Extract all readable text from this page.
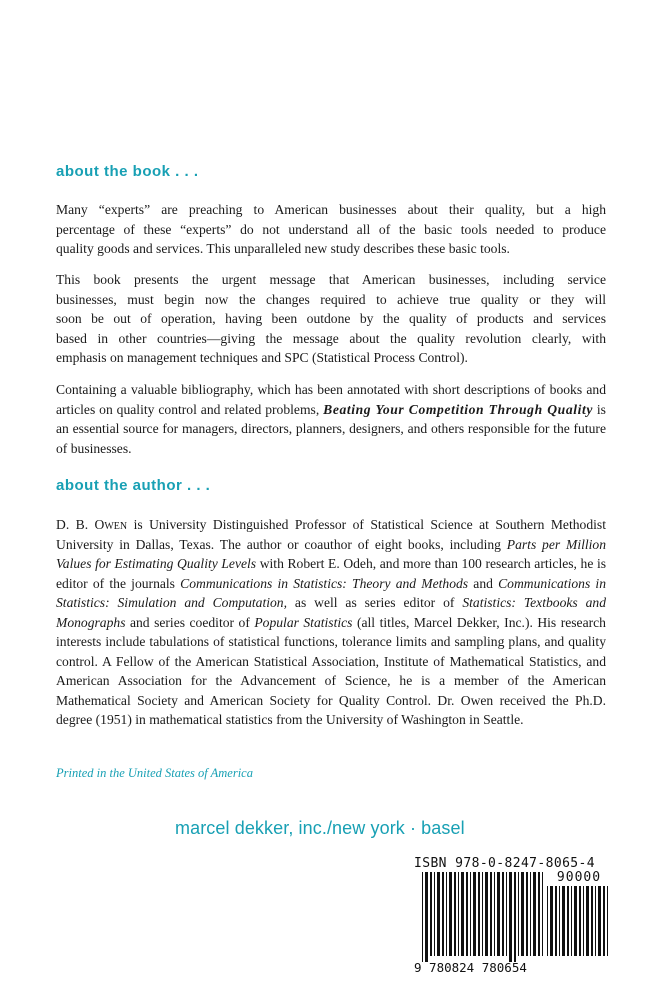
about the book . . .
Many “experts” are preaching to American businesses about their quality, but a high
percentage of these “experts” do not understand all of the basic tools needed to produce
quality goods and services. This unparalleled new study describes these basic tools.
This book presents the urgent message that American businesses, including service
businesses, must begin now the changes required to achieve true quality or they will
soon be out of operation, having been outdone by the quality of products and services
based in other countries—giving the message about the quality revolution clearly, with
emphasis on management techniques and SPC (Statistical Process Control).

Containing a valuable bibliography, which has been annotated with short descriptions of books and articles on quality control and related problems, Beating Your Competition Through Quality is an essential source for managers, directors, planners, designers, and others responsible for the future of businesses.

about the author . . .

D. B. Owen is University Distinguished Professor of Statistical Science at Southern Methodist University in Dallas, Texas. The author or coauthor of eight books, including Parts per Million Values for Estimating Quality Levels with Robert E. Odeh, and more than 100 research articles, he is editor of the journals Communications in Statistics: Theory and Methods and Communications in Statistics: Simulation and Computation, as well as series editor of Statistics: Textbooks and Monographs and series coeditor of Popular Statistics (all titles, Marcel Dekker, Inc.). His research interests include tabulations of statistical functions, tolerance limits and sampling plans, and quality control. A Fellow of the American Statistical Association, Institute of Mathematical Statistics, and American Association for the Advancement of Science, he is a member of the American Mathematical Society and American Society for Quality Control. Dr. Owen received the Ph.D. degree (1951) in mathematical statistics from the University of Washington in Seattle.

Printed in the United States of America

marcel dekker, inc./new york · basel

ISBN 978-0-8247-8065-4

90000

9 780824 780654
